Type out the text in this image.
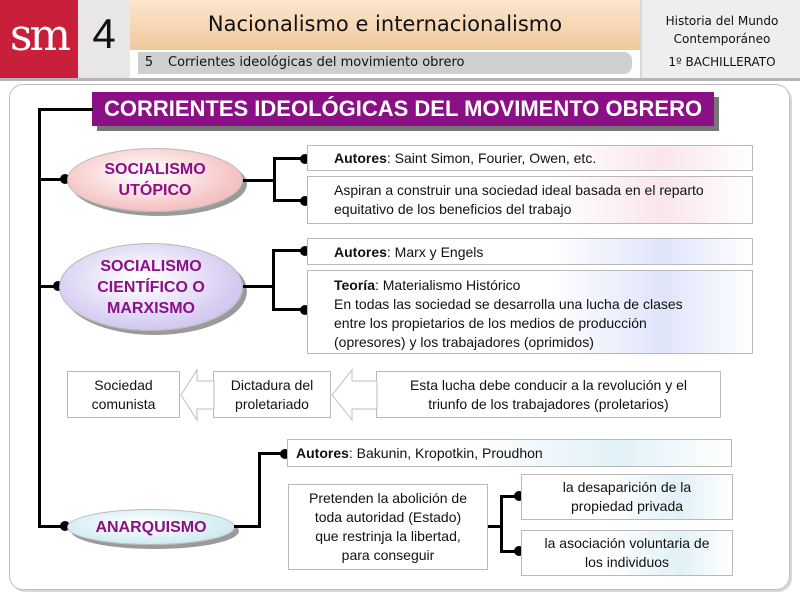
sm 4	Nacionalismo e internacionalismo
5	Corrientes ideológicas del movimiento obrero
Historia del Mundo
Contemporáneo
1º BACHILLERATO
CORRIENTES IDEOLÓGICAS DEL MOVIMENTO OBRERO
SOCIALISMO
UTÓPICO
SOCIALISMO
CIENTÍFICO O
MARXISMO
ANARQUISMO
Autores: Saint Simon, Fourier, Owen, etc.
Aspiran a construir una sociedad ideal basada en el reparto
equitativo de los beneficios del trabajo
Autores: Marx y Engels
Teoría: Materialismo Histórico
En todas las sociedad se desarrolla una lucha de clases
entre los propietarios de los medios de producción
(opresores) y los trabajadores (oprimidos)
Sociedad
comunista
Dictadura del
proletariado
Esta lucha debe conducir a la revolución y el
triunfo de los trabajadores (proletarios)
Autores: Bakunin, Kropotkin, Proudhon
Pretenden la abolición de
toda autoridad (Estado)
que restrinja la libertad,
para conseguir
la desaparición de la
propiedad privada
la asociación voluntaria de
los individuos
